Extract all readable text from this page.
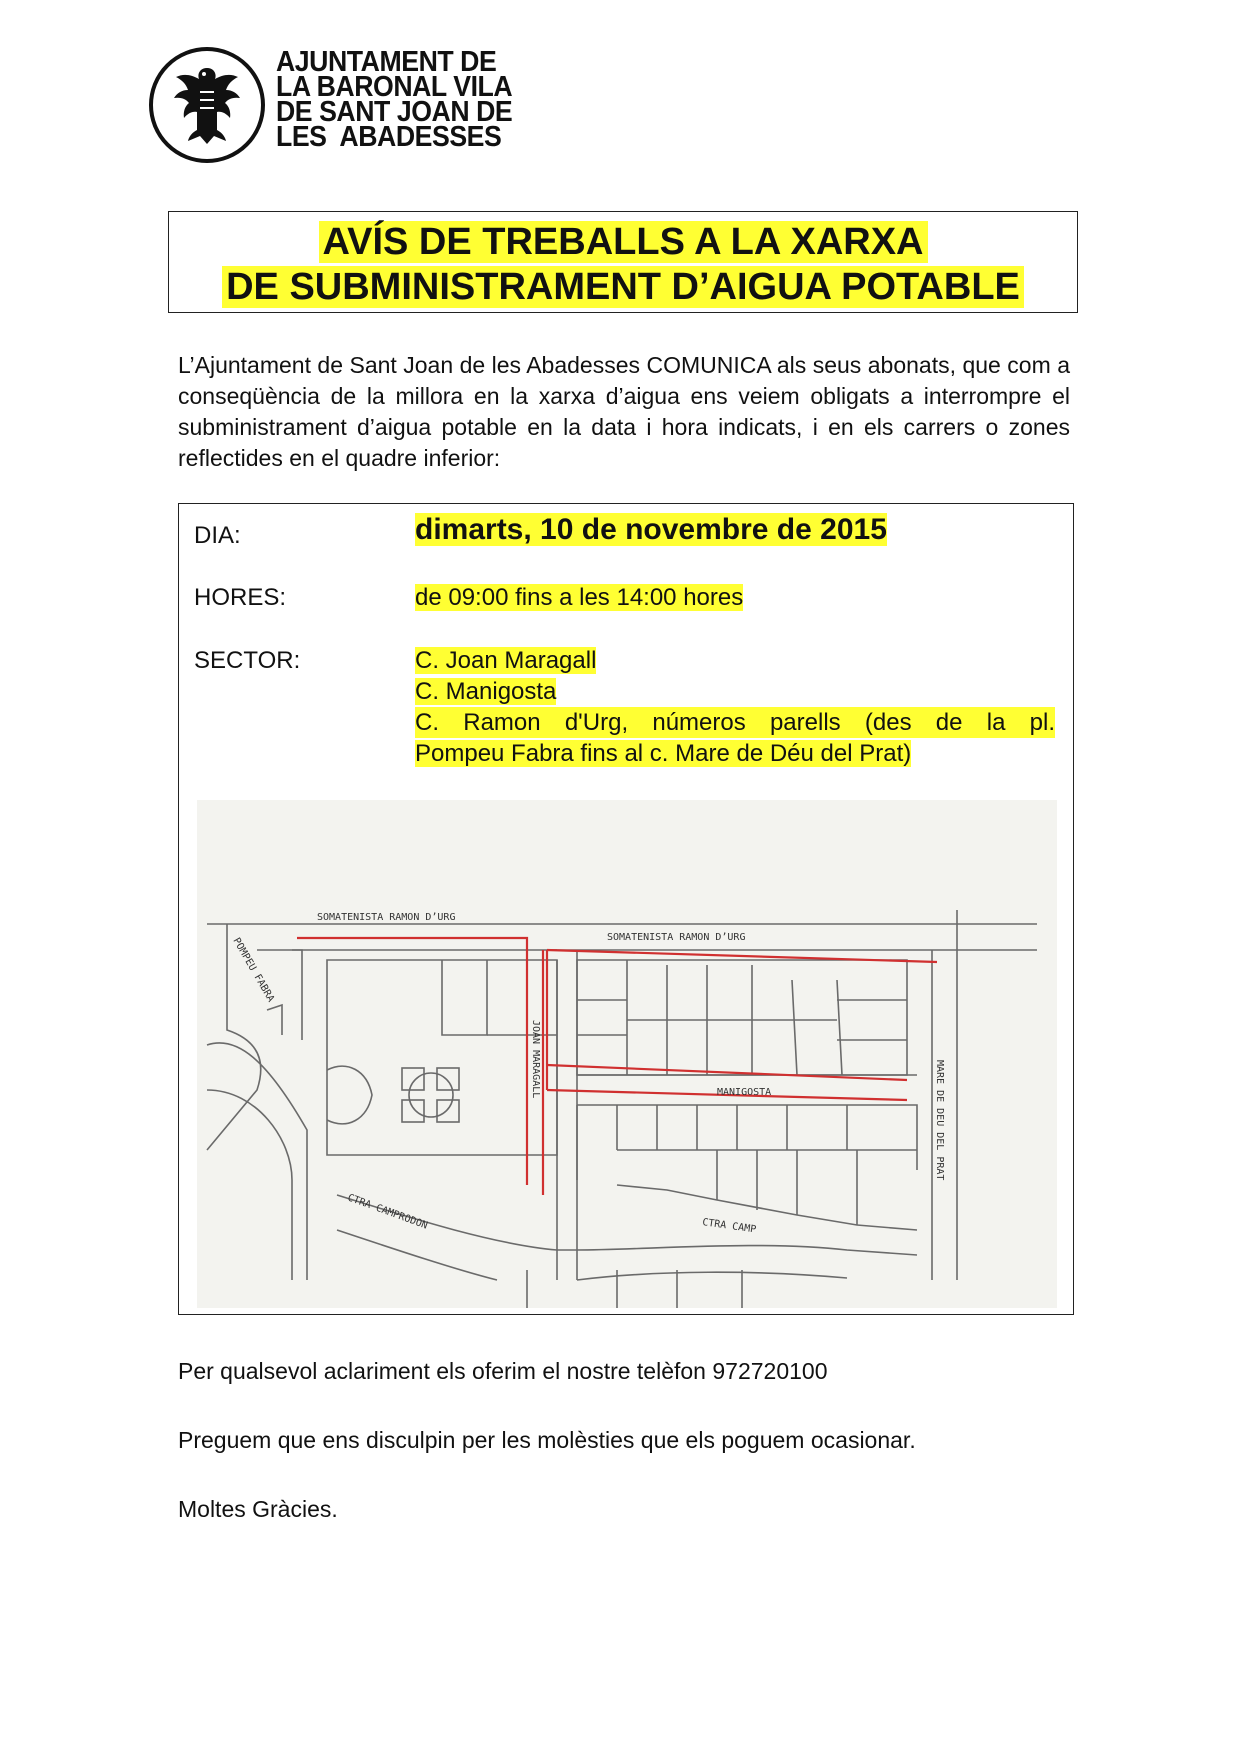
AJUNTAMENT DE
LA BARONAL VILA
DE SANT JOAN DE
LES  ABADESSES
AVÍS DE TREBALLS A LA XARXA
DE SUBMINISTRAMENT D’AIGUA POTABLE
L’Ajuntament de Sant Joan de les Abadesses COMUNICA als seus abonats, que com a conseqüència de la millora en la xarxa d’aigua ens veiem obligats a interrompre el subministrament d’aigua potable en la data i hora indicats, i en els carrers o zones reflectides en el quadre inferior:
DIA:	dimarts, 10 de novembre de 2015
HORES:	de 09:00 fins a les 14:00 hores
SECTOR:	C. Joan Maragall
C. Manigosta
C. Ramon d'Urg, números parells (des de la pl.
Pompeu Fabra fins al c. Mare de Déu del Prat)
SOMATENISTA RAMON D’URG
SOMATENISTA RAMON D’URG
POMPEU FABRA
JOAN MARAGALL	MANIGOSTA	MARE DE DEU DEL PRAT
CTRA CAMPRODON	CTRA CAMP

Per qualsevol aclariment els oferim el nostre telèfon 972720100

Preguem que ens disculpin per les molèsties que els poguem ocasionar.

Moltes Gràcies.
